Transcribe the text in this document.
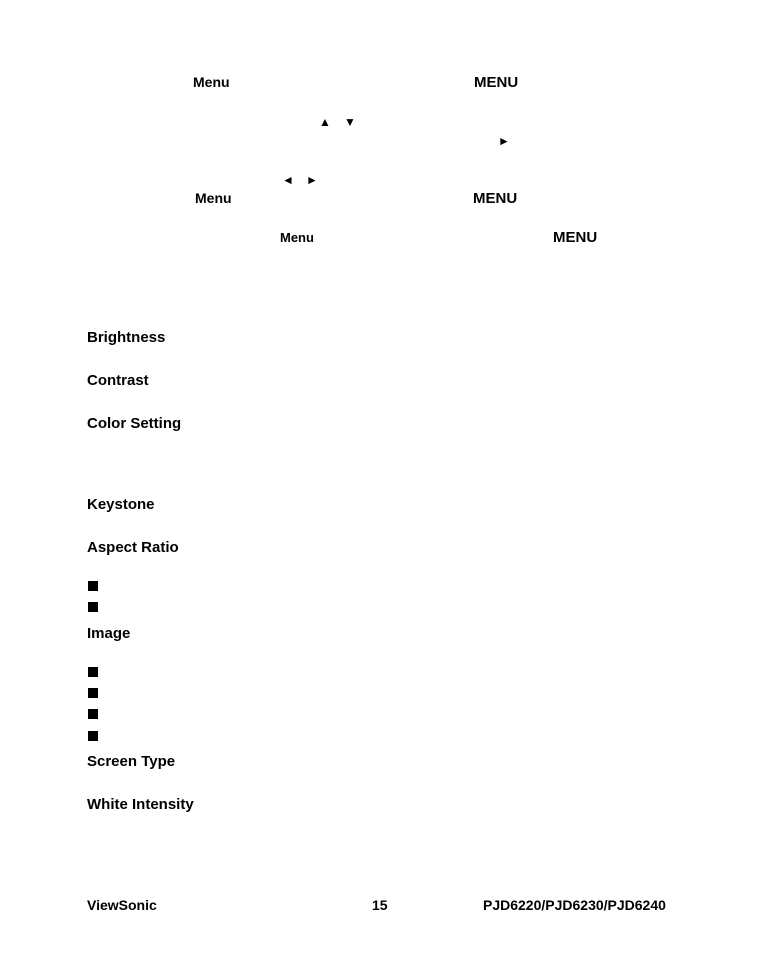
Menu	MENU
▲ ▼
►
◄ ►
Menu	MENU
Menu	MENU
Brightness
Contrast
Color Setting
Keystone
Aspect Ratio
Image
Screen Type
White Intensity
ViewSonic	15	PJD6220/PJD6230/PJD6240
